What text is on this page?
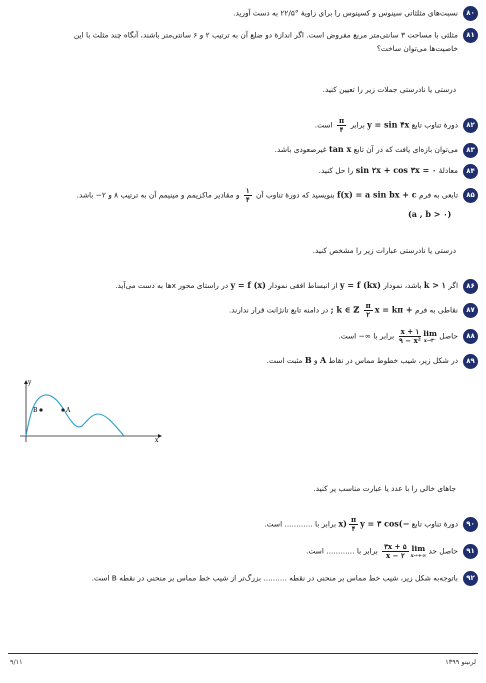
۸۰نسبت‌های مثلثاتی سینوس و کسینوس را برای زاویهٔ °۲۲/۵ به دست آورید.
۸۱مثلثی با مساحت ۳ سانتی‌متر مربع مفروض است. اگر اندازهٔ دو ضلع آن به ترتیب ۲ و ۶ سانتی‌متر باشند، آنگاه چند مثلث با این
خاصیت‌ها می‌توان ساخت؟
درستی یا نادرستی جملات زیر را تعیین کنید.
۸۲دورهٔ تناوب تابع y = sin ۴x برابر
$\frac{\pi}{۴}$
است.
۸۳می‌توان بازه‌ای یافت که در آن تابع tan x غیرصعودی باشد.
۸۴معادلهٔ sin ۲x + cos ۳x = ۰ را حل کنید.
۸۵تابعی به فرم f(x) = a sin bx + c بنویسید که دورهٔ تناوب آن
$\frac{۱}{۴}$
و مقادیر ماکزیمم و مینیمم آن به ترتیب ۸ و ۲− باشد.
(a , b > ۰)
درستی یا نادرستی عبارات زیر را مشخص کنید.
۸۶اگر k > ۱ باشد، نمودار y = f (kx) از انبساط افقی نمودار y = f (x) در راستای محور xها به دست می‌آید.
۸۷نقاطی به فرم x = kπ +
$\frac{\pi}{۲}$
; k ∈ ℤ در دامنه تابع تانژانت قرار ندارند.
۸۸حاصل
lim
x→۳⁻
$\frac{x + ۱}{\text{۹ − x²}}$
برابر با ∞− است.
۸۹در شکل زیر، شیب خطوط مماس در نقاط A و B مثبت است.
y
x
B	A
جاهای خالی را با عدد یا عبارت مناسب پر کنید.
۹۰دورهٔ تناوب تابع y = ۳ cos(−
$\frac{\pi}{۴}$
x) برابر با ............ است.
۹۱حاصل حد
lim
x→+∞
$\frac{۳x + ۵}{x - ۲}$
برابر با ............ است.
۹۲باتوجه‌به شکل زیر، شیب خط مماس بر منحنی در نقطه .......... بزرگ‌تر از شیب خط مماس بر منحنی در نقطه B است.
لرنینو ۱۳۹۹
۹/۱۱
